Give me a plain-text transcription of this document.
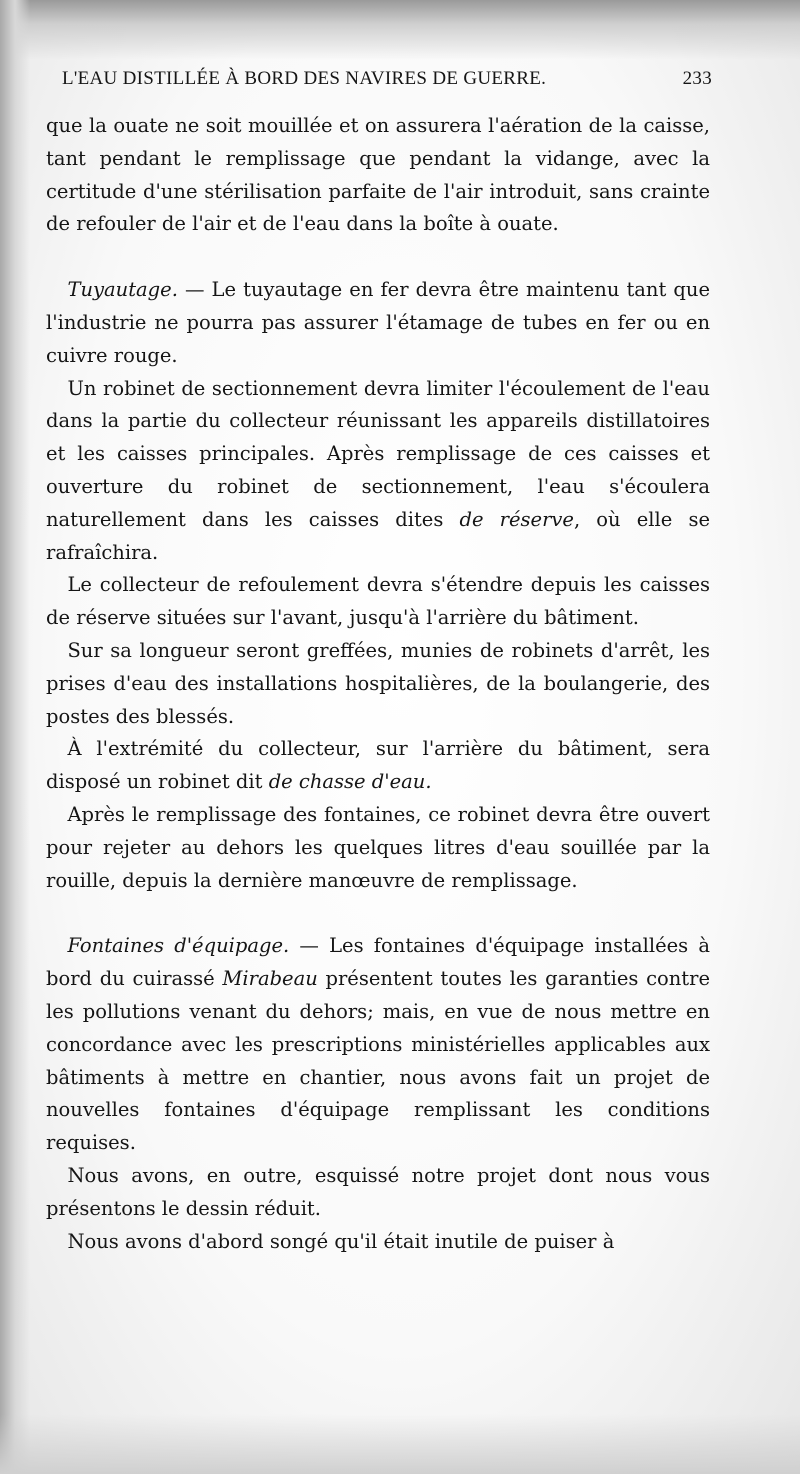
L'EAU DISTILLÉE À BORD DES NAVIRES DE GUERRE.	233

que la ouate ne soit mouillée et on assurera l'aération de la caisse, tant pendant le remplissage que pendant la vidange, avec la certitude d'une stérilisation parfaite de l'air introduit, sans crainte de refouler de l'air et de l'eau dans la boîte à ouate.

Tuyautage. — Le tuyautage en fer devra être maintenu tant que l'industrie ne pourra pas assurer l'étamage de tubes en fer ou en cuivre rouge.

Un robinet de sectionnement devra limiter l'écoulement de l'eau dans la partie du collecteur réunissant les appareils distillatoires et les caisses principales. Après remplissage de ces caisses et ouverture du robinet de sectionnement, l'eau s'écoulera naturellement dans les caisses dites de réserve, où elle se rafraîchira.

Le collecteur de refoulement devra s'étendre depuis les caisses de réserve situées sur l'avant, jusqu'à l'arrière du bâtiment.

Sur sa longueur seront greffées, munies de robinets d'arrêt, les prises d'eau des installations hospitalières, de la boulangerie, des postes des blessés.

À l'extrémité du collecteur, sur l'arrière du bâtiment, sera disposé un robinet dit de chasse d'eau.

Après le remplissage des fontaines, ce robinet devra être ouvert pour rejeter au dehors les quelques litres d'eau souillée par la rouille, depuis la dernière manœuvre de remplissage.

Fontaines d'équipage. — Les fontaines d'équipage installées à bord du cuirassé Mirabeau présentent toutes les garanties contre les pollutions venant du dehors; mais, en vue de nous mettre en concordance avec les prescriptions ministérielles applicables aux bâtiments à mettre en chantier, nous avons fait un projet de nouvelles fontaines d'équipage remplissant les conditions requises.

Nous avons, en outre, esquissé notre projet dont nous vous présentons le dessin réduit.

Nous avons d'abord songé qu'il était inutile de puiser à
